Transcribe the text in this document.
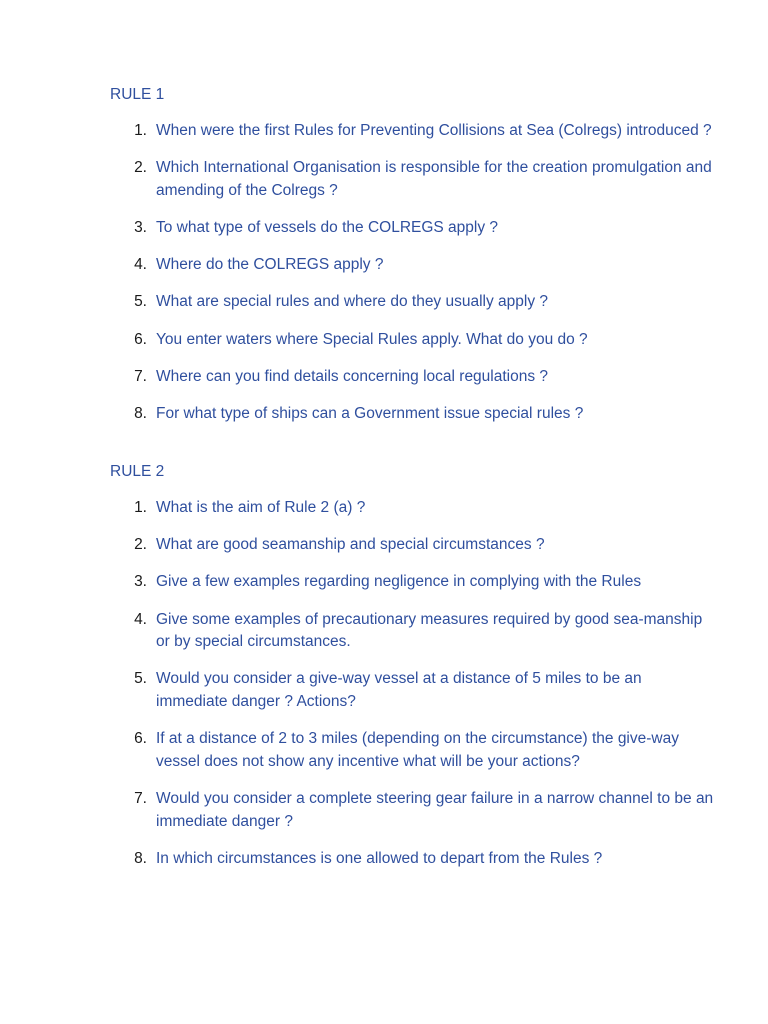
RULE 1
1. When were the first Rules for Preventing Collisions at Sea (Colregs) introduced ?
2. Which International Organisation is responsible for the creation promulgation and amending of the Colregs ?
3. To what type of vessels do the COLREGS apply ?
4. Where do the COLREGS apply ?
5. What are special rules and where do they usually apply ?
6. You enter waters where Special Rules apply. What do you do ?
7. Where can you find details concerning local regulations ?
8. For what type of ships can a Government issue special rules ?
RULE 2
1. What is the aim of Rule 2 (a) ?
2. What are good seamanship and special circumstances ?
3. Give a few examples regarding negligence in complying with the Rules
4. Give some examples of precautionary measures required by good sea-manship or by special circumstances.
5. Would you consider a give-way vessel at a distance of 5 miles to be an immediate danger ? Actions?
6. If at a distance of 2 to 3 miles (depending on the circumstance) the give-way vessel does not show any incentive what will be your actions?
7. Would you consider a complete steering gear failure in a narrow channel to be an immediate danger ?
8. In which circumstances is one allowed to depart from the Rules ?
